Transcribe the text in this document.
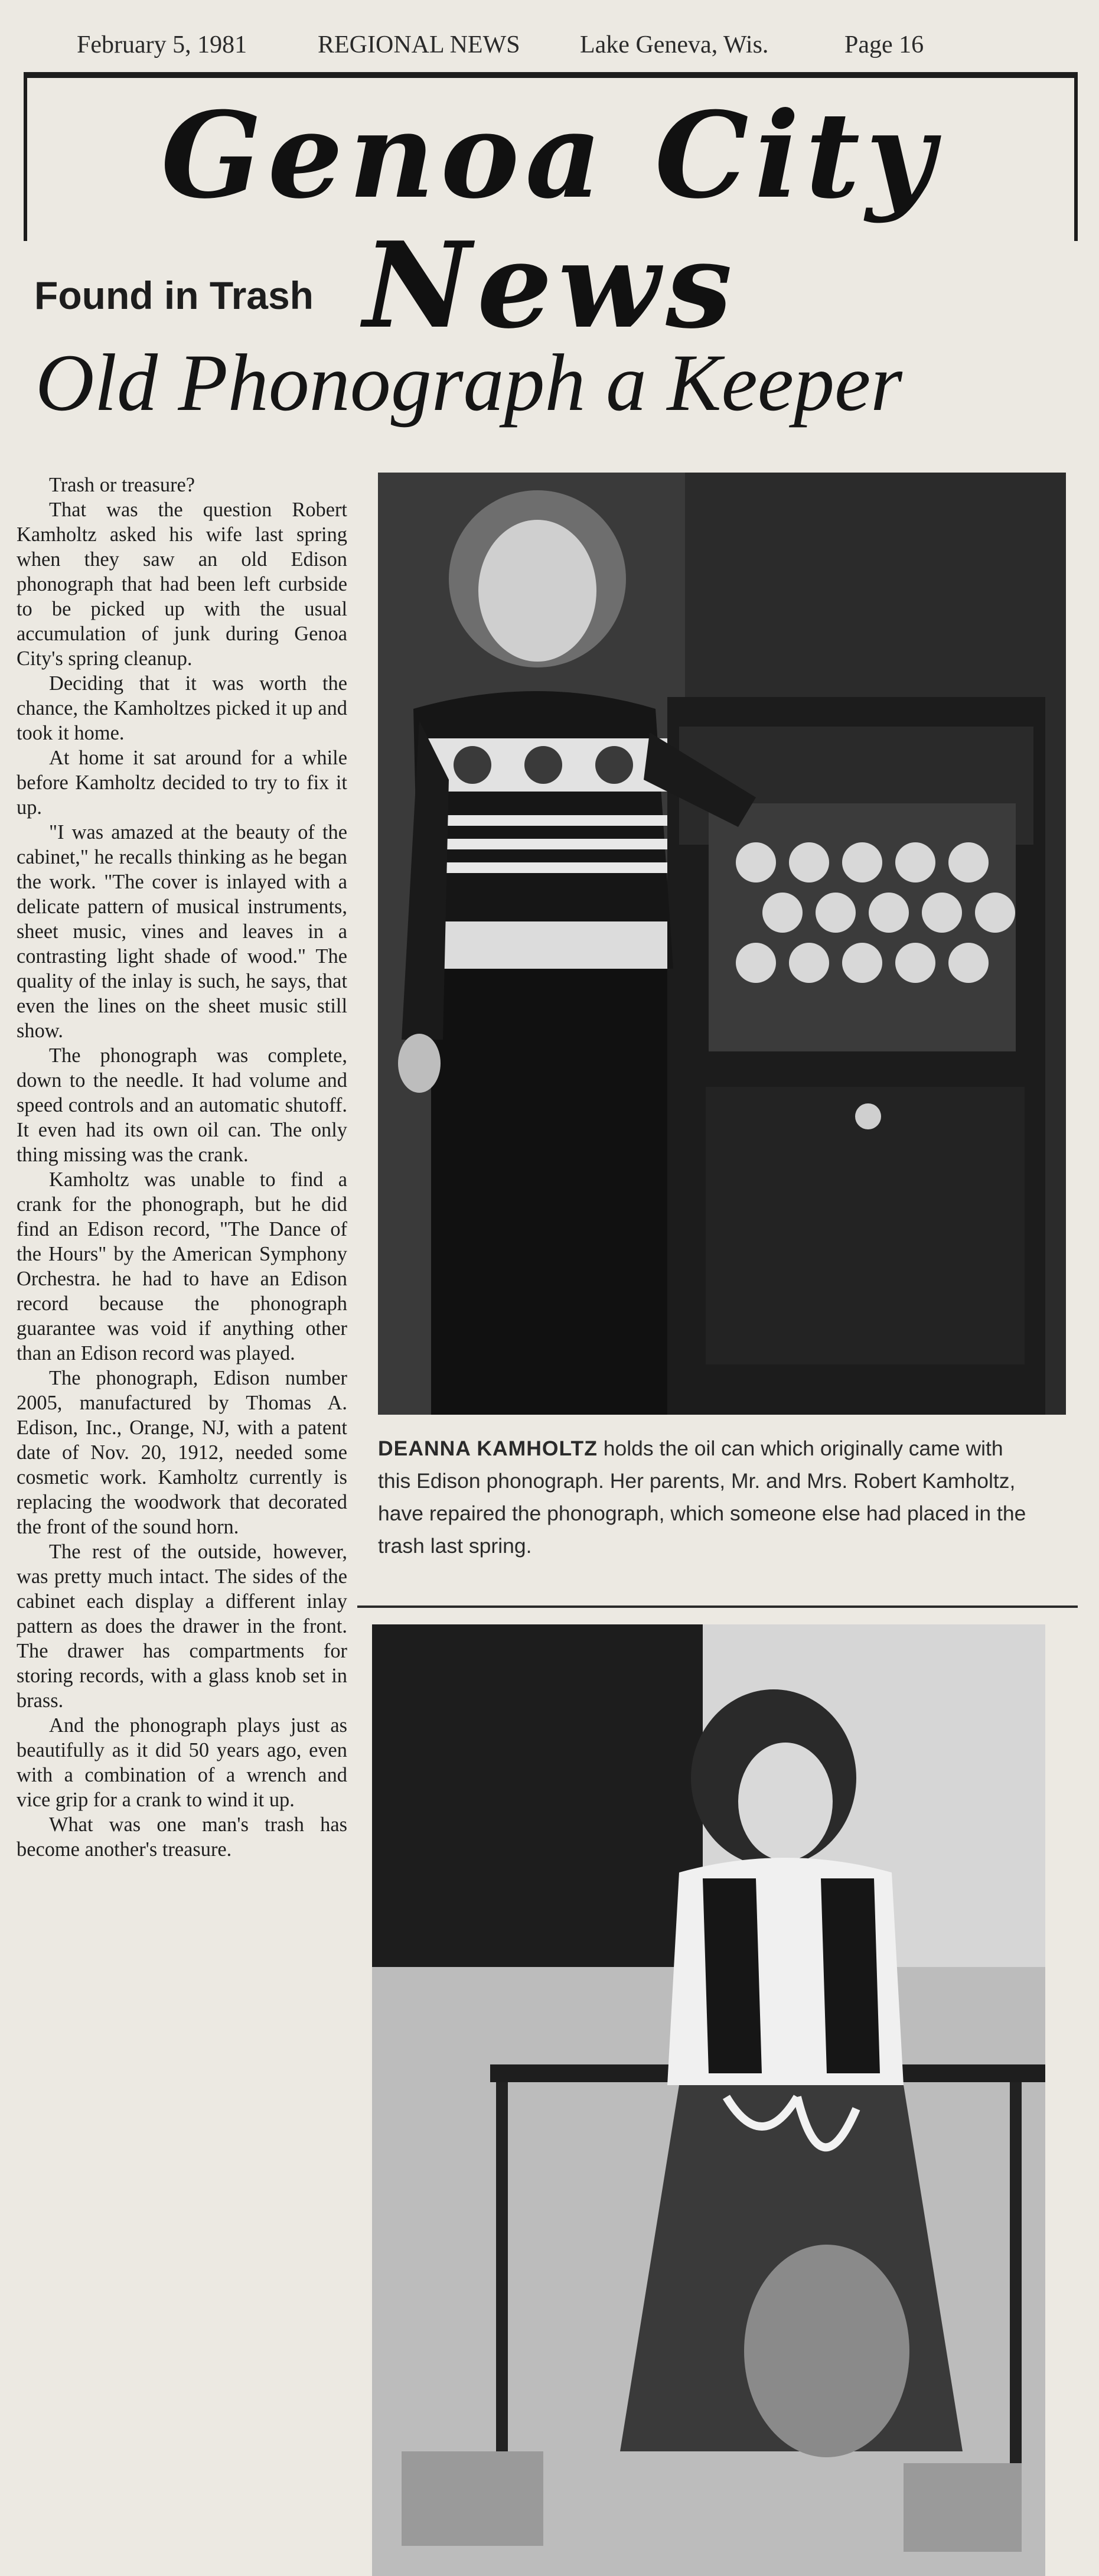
February 5, 1981	REGIONAL NEWS Lake Geneva, Wis.	Page 16
Genoa City News
Found in Trash
Old Phonograph a Keeper

Trash or treasure?

That was the question Robert Kamholtz asked his wife last spring when they saw an old Edison phonograph that had been left curbside to be picked up with the usual accumulation of junk during Genoa City's spring cleanup.

Deciding that it was worth the chance, the Kamholtzes picked it up and took it home.

At home it sat around for a while before Kamholtz decided to try to fix it up.

"I was amazed at the beauty of the cabinet," he recalls thinking as he began the work. "The cover is inlayed with a delicate pattern of musical instruments, sheet music, vines and leaves in a contrasting light shade of wood." The quality of the inlay is such, he says, that even the lines on the sheet music still show.

The phonograph was complete, down to the needle. It had volume and speed controls and an automatic shutoff. It even had its own oil can. The only thing missing was the crank.

Kamholtz was unable to find a crank for the phonograph, but he did find an Edison record, "The Dance of the Hours" by the American Symphony Orchestra. he had to have an Edison record because the phonograph guarantee was void if anything other than an Edison record was played.

The phonograph, Edison number 2005, manufactured by Thomas A. Edison, Inc., Orange, NJ, with a patent date of Nov. 20, 1912, needed some cosmetic work. Kamholtz currently is replacing the woodwork that decorated the front of the sound horn.

The rest of the outside, however, was pretty much intact. The sides of the cabinet each display a different inlay pattern as does the drawer in the front. The drawer has compartments for storing records, with a glass knob set in brass.

And the phonograph plays just as beautifully as it did 50 years ago, even with a combination of a wrench and vice grip for a crank to wind it up.

What was one man's trash has become another's treasure.

DEANNA KAMHOLTZ holds the oil can which originally came with this Edison phonograph. Her parents, Mr. and Mrs. Robert Kamholtz, have repaired the phonograph, which someone else had placed in the trash last spring.
